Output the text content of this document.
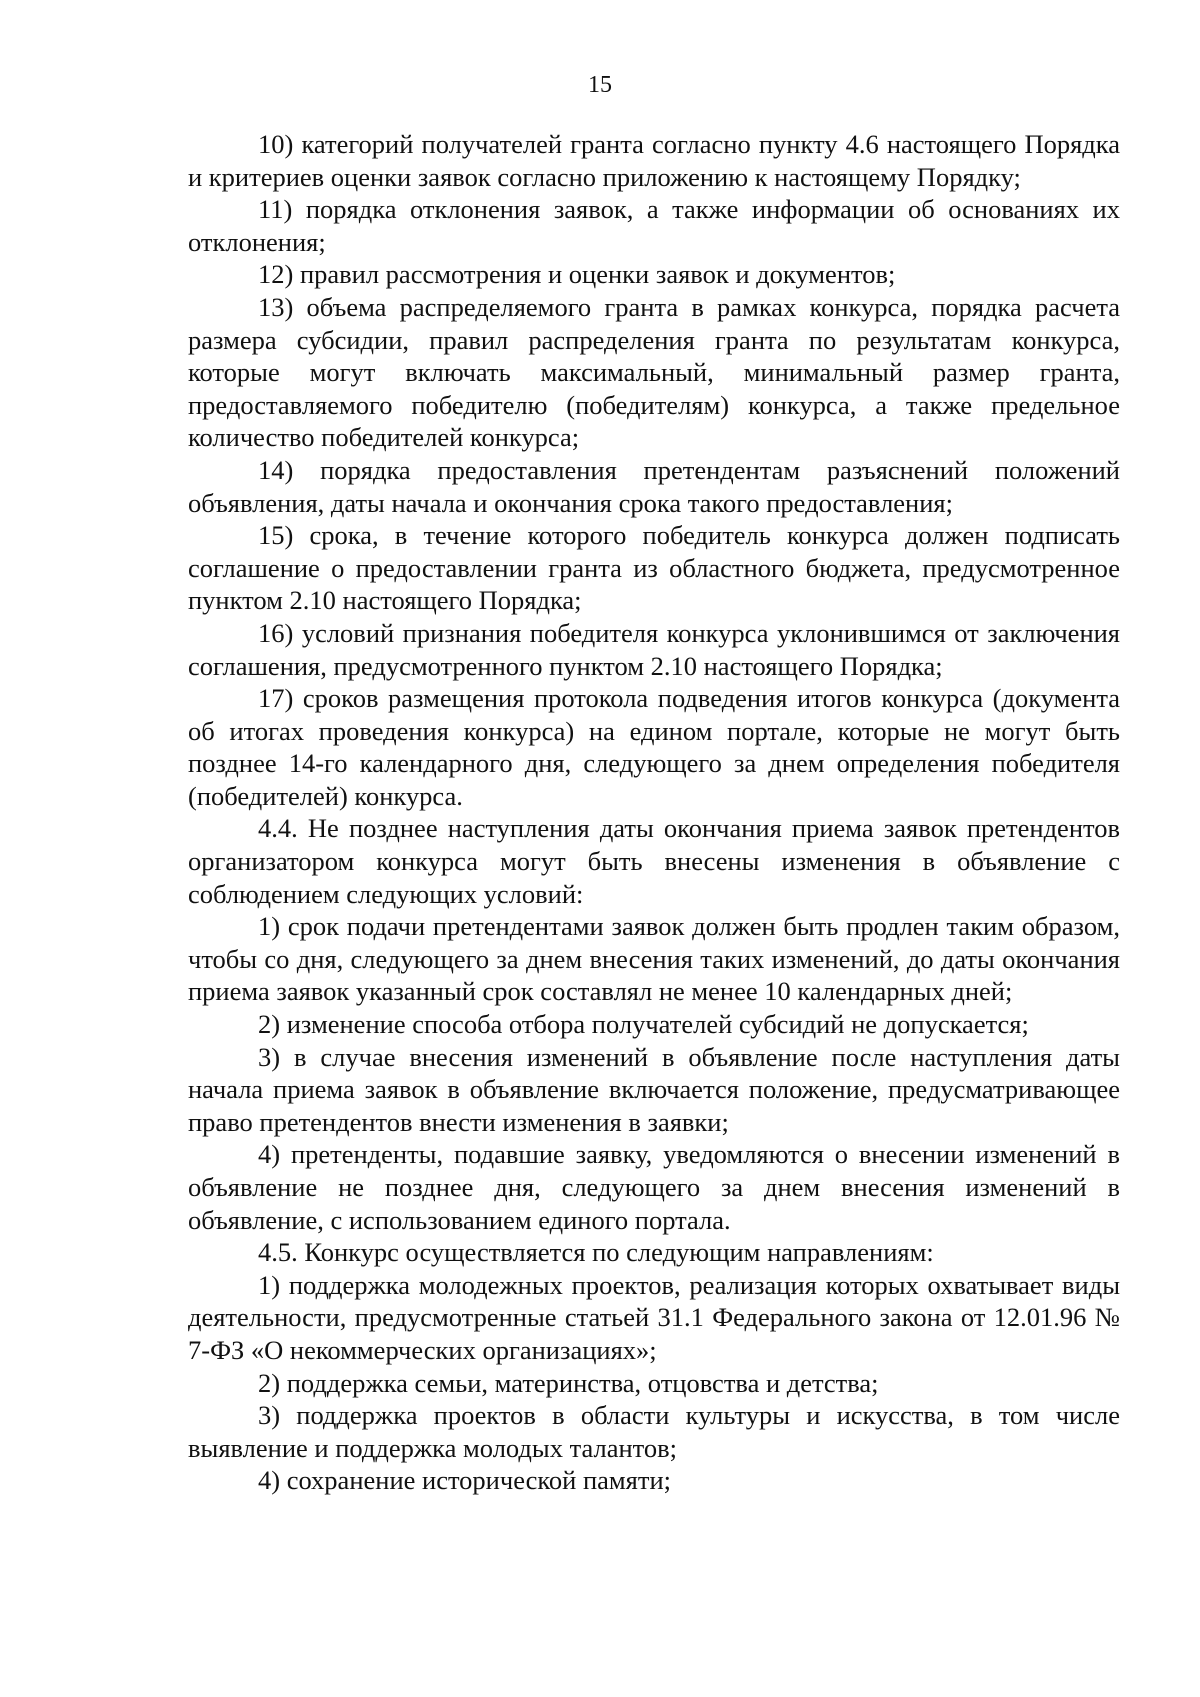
15

10) категорий получателей гранта согласно пункту 4.6 настоящего Порядка и критериев оценки заявок согласно приложению к настоящему Порядку;

11) порядка отклонения заявок, а также информации об основаниях их отклонения;

12) правил рассмотрения и оценки заявок и документов;

13) объема распределяемого гранта в рамках конкурса, порядка расчета размера субсидии, правил распределения гранта по результатам конкурса, которые могут включать максимальный, минимальный размер гранта, предоставляемого победителю (победителям) конкурса, а также предельное количество победителей конкурса;

14) порядка предоставления претендентам разъяснений положений объявления, даты начала и окончания срока такого предоставления;

15) срока, в течение которого победитель конкурса должен подписать соглашение о предоставлении гранта из областного бюджета, предусмотренное пунктом 2.10 настоящего Порядка;

16) условий признания победителя конкурса уклонившимся от заключения соглашения, предусмотренного пунктом 2.10 настоящего Порядка;

17) сроков размещения протокола подведения итогов конкурса (документа об итогах проведения конкурса) на едином портале, которые не могут быть позднее 14-го календарного дня, следующего за днем определения победителя (победителей) конкурса.

4.4. Не позднее наступления даты окончания приема заявок претендентов организатором конкурса могут быть внесены изменения в объявление с соблюдением следующих условий:

1) срок подачи претендентами заявок должен быть продлен таким образом, чтобы со дня, следующего за днем внесения таких изменений, до даты окончания приема заявок указанный срок составлял не менее 10 календарных дней;

2) изменение способа отбора получателей субсидий не допускается;

3) в случае внесения изменений в объявление после наступления даты начала приема заявок в объявление включается положение, предусматривающее право претендентов внести изменения в заявки;

4) претенденты, подавшие заявку, уведомляются о внесении изменений в объявление не позднее дня, следующего за днем внесения изменений в объявление, с использованием единого портала.

4.5. Конкурс осуществляется по следующим направлениям:

1) поддержка молодежных проектов, реализация которых охватывает виды деятельности, предусмотренные статьей 31.1 Федерального закона от 12.01.96 № 7-ФЗ «О некоммерческих организациях»;

2) поддержка семьи, материнства, отцовства и детства;

3) поддержка проектов в области культуры и искусства, в том числе выявление и поддержка молодых талантов;

4) сохранение исторической памяти;
